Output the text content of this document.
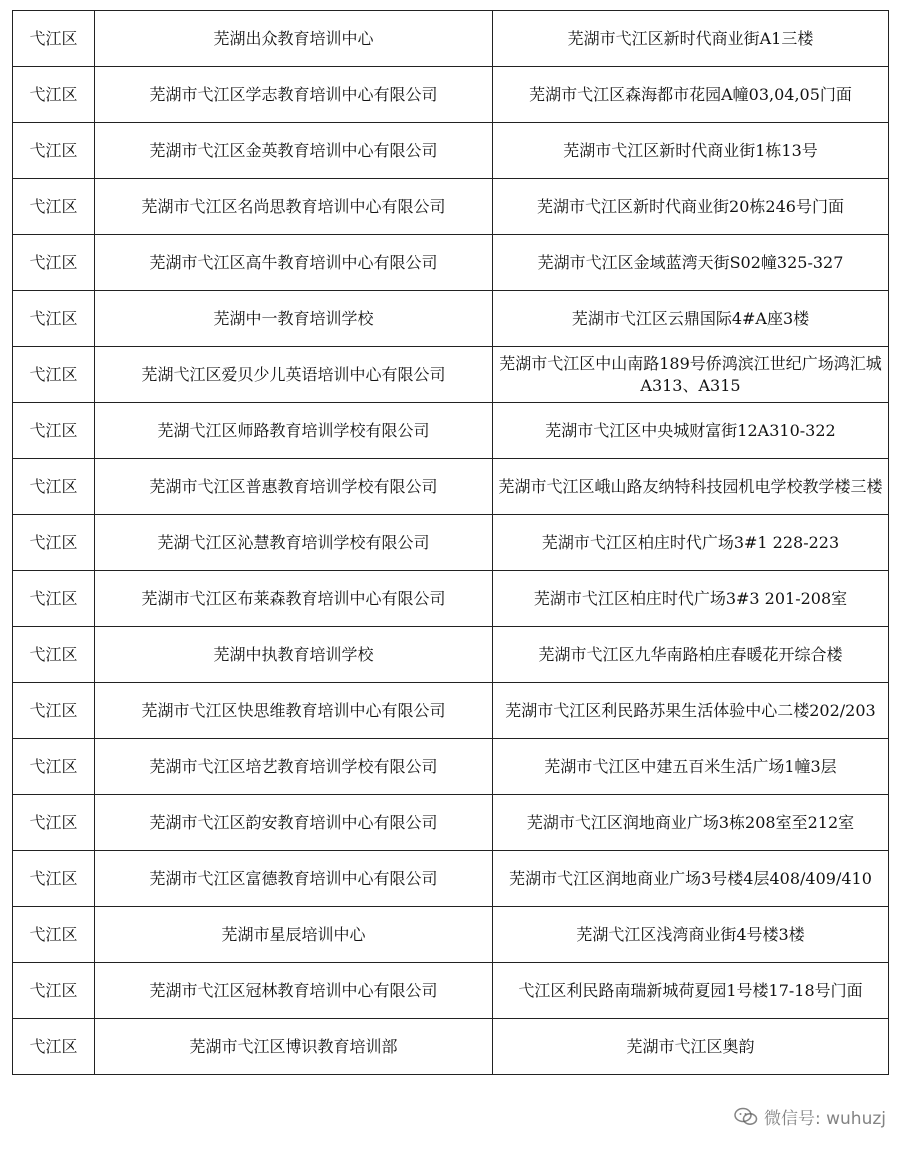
弋江区	芜湖出众教育培训中心	芜湖市弋江区新时代商业街A1三楼
弋江区	芜湖市弋江区学志教育培训中心有限公司	芜湖市弋江区森海都市花园A幢03,04,05门面
弋江区	芜湖市弋江区金英教育培训中心有限公司	芜湖市弋江区新时代商业街1栋13号
弋江区	芜湖市弋江区名尚思教育培训中心有限公司	芜湖市弋江区新时代商业街20栋246号门面
弋江区	芜湖市弋江区高牛教育培训中心有限公司	芜湖市弋江区金域蓝湾天街S02幢325-327
弋江区	芜湖中一教育培训学校	芜湖市弋江区云鼎国际4#A座3楼
弋江区	芜湖弋江区爱贝少儿英语培训中心有限公司	芜湖市弋江区中山南路189号侨鸿滨江世纪广场鸿汇城A313、A315
弋江区	芜湖弋江区师路教育培训学校有限公司	芜湖市弋江区中央城财富街12A310-322
弋江区	芜湖市弋江区普惠教育培训学校有限公司	芜湖市弋江区峨山路友纳特科技园机电学校教学楼三楼
弋江区	芜湖弋江区沁慧教育培训学校有限公司	芜湖市弋江区柏庄时代广场3#1 228-223
弋江区	芜湖市弋江区布莱森教育培训中心有限公司	芜湖市弋江区柏庄时代广场3#3 201-208室
弋江区	芜湖中执教育培训学校	芜湖市弋江区九华南路柏庄春暖花开综合楼
弋江区	芜湖市弋江区快思维教育培训中心有限公司	芜湖市弋江区利民路苏果生活体验中心二楼202/203
弋江区	芜湖市弋江区培艺教育培训学校有限公司	芜湖市弋江区中建五百米生活广场1幢3层
弋江区	芜湖市弋江区韵安教育培训中心有限公司	芜湖市弋江区润地商业广场3栋208室至212室
弋江区	芜湖市弋江区富德教育培训中心有限公司	芜湖市弋江区润地商业广场3号楼4层408/409/410
弋江区	芜湖市星辰培训中心	芜湖弋江区浅湾商业街4号楼3楼
弋江区	芜湖市弋江区冠林教育培训中心有限公司	弋江区利民路南瑞新城荷夏园1号楼17-18号门面
弋江区	芜湖市弋江区博识教育培训部	芜湖市弋江区奥韵
微信号: wuhuzj
